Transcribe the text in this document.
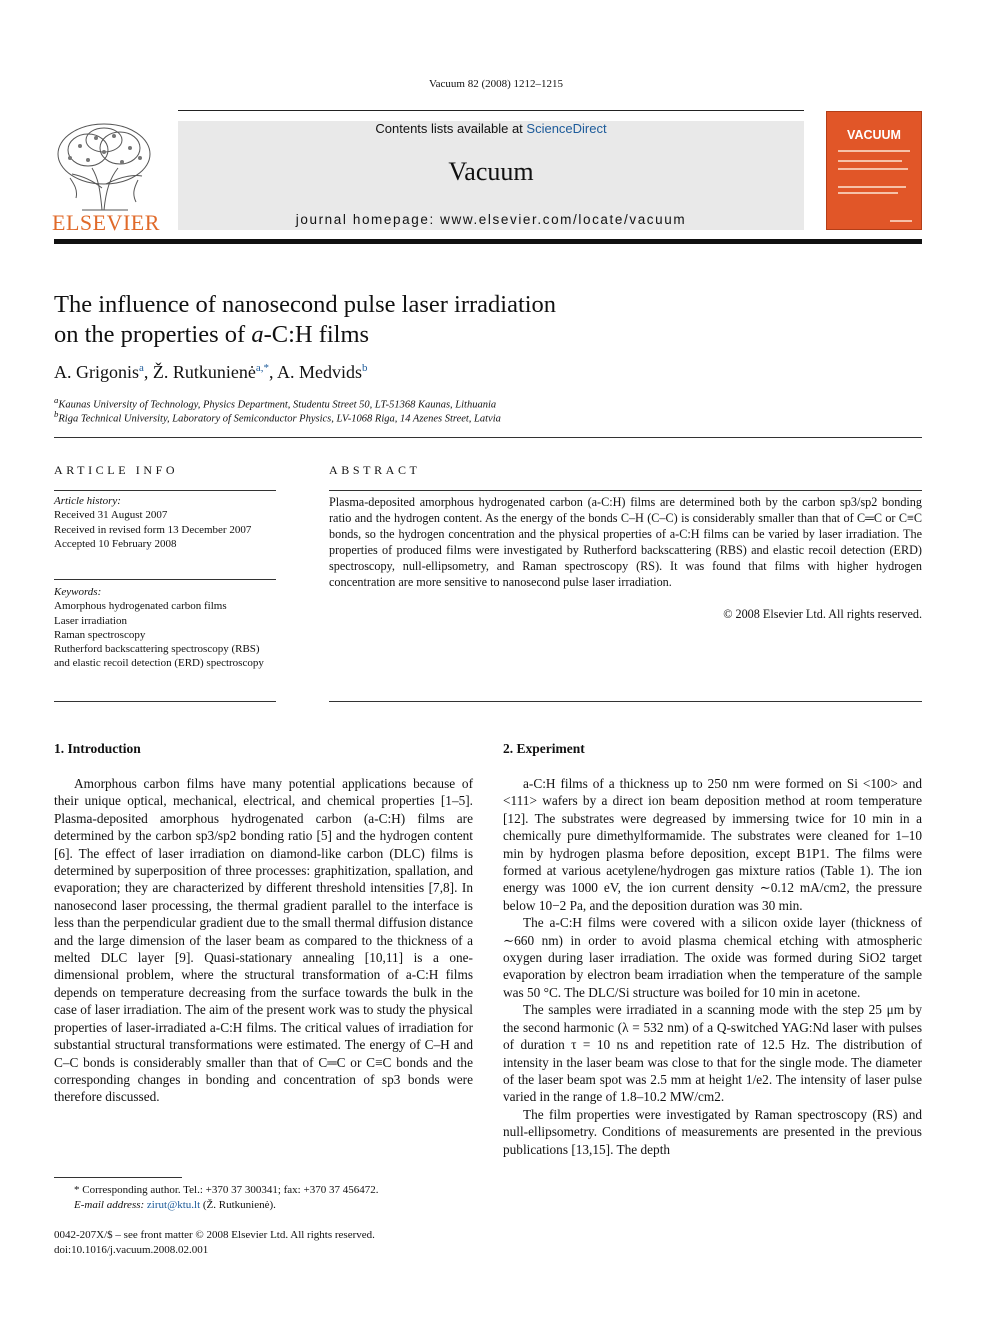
Vacuum 82 (2008) 1212–1215
ELSEVIER
Contents lists available at ScienceDirect
Vacuum
journal homepage: www.elsevier.com/locate/vacuum
VACUUM
The influence of nanosecond pulse laser irradiation
on the properties of a-C:H films
A. Grigonis$^a$, Ž. Rutkunienė$^{a,*}$, A. Medvids$^b$
$^a$Kaunas University of Technology, Physics Department, Studentu Street 50, LT-51368 Kaunas, Lithuania
$^b$Riga Technical University, Laboratory of Semiconductor Physics, LV-1068 Riga, 14 Azenes Street, Latvia
ARTICLE INFO	ABSTRACT
Article history:
Received 31 August 2007
Received in revised form 13 December 2007
Accepted 10 February 2008
Keywords:
Amorphous hydrogenated carbon films
Laser irradiation
Raman spectroscopy
Rutherford backscattering spectroscopy (RBS) and elastic recoil detection (ERD) spectroscopy
Plasma-deposited amorphous hydrogenated carbon (a-C:H) films are determined both by the carbon sp3/sp2 bonding ratio and the hydrogen content. As the energy of the bonds C–H (C–C) is considerably smaller than that of C═C or C≡C bonds, so the hydrogen concentration and the physical properties of a-C:H films can be varied by laser irradiation. The properties of produced films were investigated by Rutherford backscattering (RBS) and elastic recoil detection (ERD) spectroscopy, null-ellipsometry, and Raman spectroscopy (RS). It was found that films with higher hydrogen concentration are more sensitive to nanosecond pulse laser irradiation.
© 2008 Elsevier Ltd. All rights reserved.
1. Introduction	2. Experiment

Amorphous carbon films have many potential applications because of their unique optical, mechanical, electrical, and chemical properties [1–5]. Plasma-deposited amorphous hydrogenated carbon (a-C:H) films are determined by the carbon sp3/sp2 bonding ratio [5] and the hydrogen content [6]. The effect of laser irradiation on diamond-like carbon (DLC) films is determined by superposition of three processes: graphitization, spallation, and evaporation; they are characterized by different threshold intensities [7,8]. In nanosecond laser processing, the thermal gradient parallel to the interface is less than the perpendicular gradient due to the small thermal diffusion distance and the large dimension of the laser beam as compared to the thickness of a melted DLC layer [9]. Quasi-stationary annealing [10,11] is a one-dimensional problem, where the structural transformation of a-C:H films depends on temperature decreasing from the surface towards the bulk in the case of laser irradiation. The aim of the present work was to study the physical properties of laser-irradiated a-C:H films. The critical values of irradiation for substantial structural transformations were estimated. The energy of C–H and C–C bonds is considerably smaller than that of C═C or C≡C bonds and the corresponding changes in bonding and concentration of sp3 bonds were therefore discussed.

a-C:H films of a thickness up to 250 nm were formed on Si <100> and <111> wafers by a direct ion beam deposition method at room temperature [12]. The substrates were degreased by immersing twice for 10 min in a chemically pure dimethylformamide. The substrates were cleaned for 1–10 min by hydrogen plasma before deposition, except B1P1. The films were formed at various acetylene/hydrogen gas mixture ratios (Table 1). The ion energy was 1000 eV, the ion current density ∼0.12 mA/cm2, the pressure below 10−2 Pa, and the deposition duration was 30 min.

The a-C:H films were covered with a silicon oxide layer (thickness of ∼660 nm) in order to avoid plasma chemical etching with atmospheric oxygen during laser irradiation. The oxide was formed during SiO2 target evaporation by electron beam irradiation when the temperature of the sample was 50 °C. The DLC/Si structure was boiled for 10 min in acetone.

The samples were irradiated in a scanning mode with the step 25 μm by the second harmonic (λ = 532 nm) of a Q-switched YAG:Nd laser with pulses of duration τ = 10 ns and repetition rate of 12.5 Hz. The distribution of intensity in the laser beam was close to that for the single mode. The diameter of the laser beam spot was 2.5 mm at height 1/e2. The intensity of laser pulse varied in the range of 1.8–10.2 MW/cm2.

The film properties were investigated by Raman spectroscopy (RS) and null-ellipsometry. Conditions of measurements are presented in the previous publications [13,15]. The depth

* Corresponding author. Tel.: +370 37 300341; fax: +370 37 456472.
E-mail address: zirut@ktu.lt (Ž. Rutkunienė).
0042-207X/$ – see front matter © 2008 Elsevier Ltd. All rights reserved.
doi:10.1016/j.vacuum.2008.02.001
